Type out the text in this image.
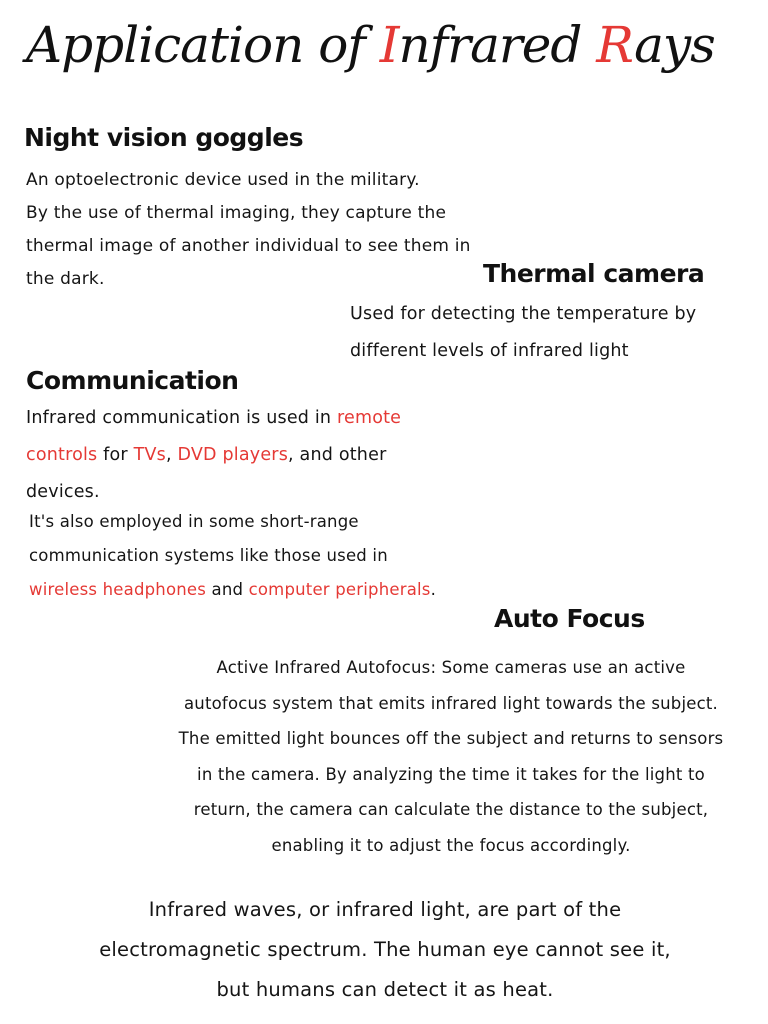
Application of Infrared Rays
Night vision goggles
An optoelectronic device used in the military.
By the use of thermal imaging, they capture the
thermal image of another individual to see them in
the dark.	Thermal camera
Used for detecting the temperature by
different levels of infrared light
Communication
Infrared communication is used in remote
controls for TVs, DVD players, and other
devices.
It's also employed in some short-range
communication systems like those used in
wireless headphones and computer peripherals.
Auto Focus
Active Infrared Autofocus: Some cameras use an active
autofocus system that emits infrared light towards the subject.
The emitted light bounces off the subject and returns to sensors
in the camera. By analyzing the time it takes for the light to
return, the camera can calculate the distance to the subject,
enabling it to adjust the focus accordingly.
Infrared waves, or infrared light, are part of the
electromagnetic spectrum. The human eye cannot see it,
but humans can detect it as heat.
